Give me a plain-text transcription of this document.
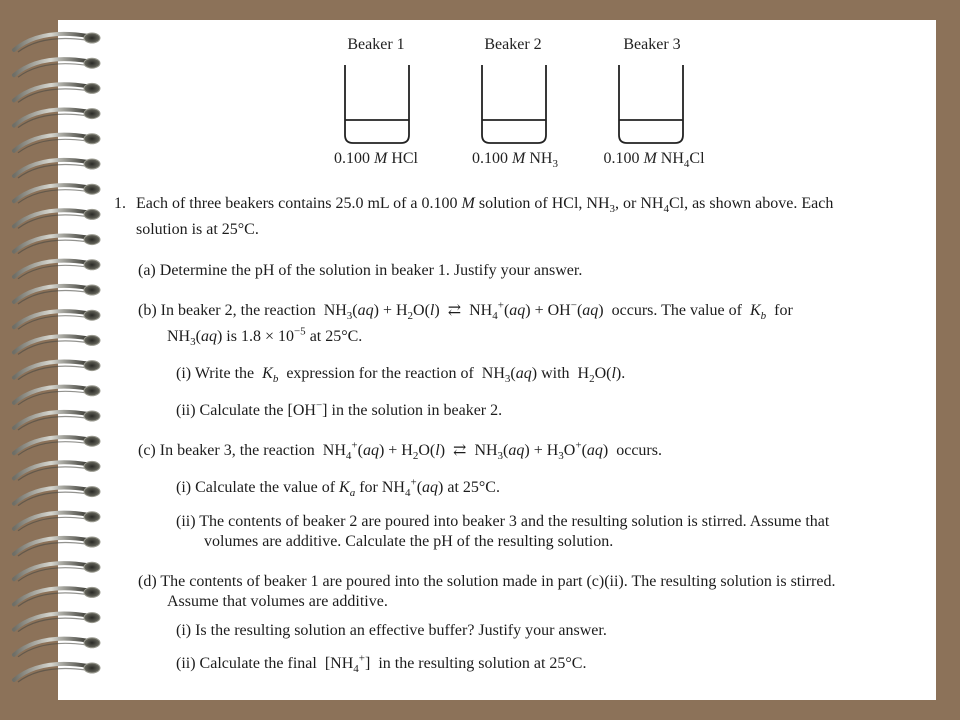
Beaker 1	Beaker 2	Beaker 3
0.100 M HCl	0.100 M $NH_3$	0.100 M $NH_4Cl$
1. Each of three beakers contains 25.0 mL of a 0.100 M solution of HCl, $NH_3$, or $NH_4Cl$, as shown above. Each
solution is at 25°C.
(a) Determine the pH of the solution in beaker 1. Justify your answer.
(b) In beaker 2, the reaction  $NH_3(aq) + H_2O(l)$  ⇄  $NH_4^+(aq) + OH^-(aq)$  occurs. The value of  $K_b$  for
$NH_3(aq)$ is $1.8 \times 10^{-5}$ at 25°C.
(i) Write the  $K_b$  expression for the reaction of  $NH_3(aq)$ with  $H_2O(l)$.
(ii) Calculate the [OH−] in the solution in beaker 2.
(c) In beaker 3, the reaction  $NH_4^+(aq) + H_2O(l)$  ⇄  $NH_3(aq) + H_3O^+(aq)$  occurs.
(i) Calculate the value of $K_a$ for $NH_4^+(aq)$ at 25°C.
(ii) The contents of beaker 2 are poured into beaker 3 and the resulting solution is stirred. Assume that
volumes are additive. Calculate the pH of the resulting solution.
(d) The contents of beaker 1 are poured into the solution made in part (c)(ii). The resulting solution is stirred.
Assume that volumes are additive.
(i) Is the resulting solution an effective buffer? Justify your answer.
(ii) Calculate the final  $[NH_4^+]$  in the resulting solution at 25°C.
